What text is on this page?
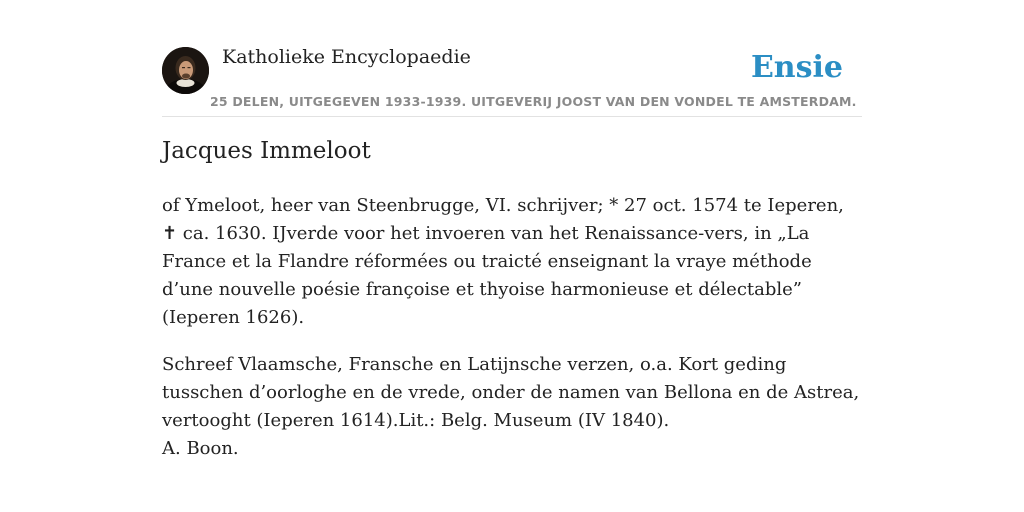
Katholieke Encyclopaedie
25 DELEN, UITGEGEVEN 1933-1939. UITGEVERIJ JOOST VAN DEN VONDEL TE AMSTERDAM.
Ensie
Jacques Immeloot

of Ymeloot, heer van Steenbrugge, VI. schrijver; * 27 oct. 1574 te Ieperen, ✝ ca. 1630. IJverde voor het invoeren van het Renaissance-vers, in „La France et la Flandre réformées ou traicté enseignant la vraye méthode d’une nouvelle poésie françoise et thyoise harmonieuse et délectable” (Ieperen 1626).

Schreef Vlaamsche, Fransche en Latijnsche verzen, o.a. Kort geding tusschen d’oorloghe en de vrede, onder de namen van Bellona en de Astrea, vertooght (Ieperen 1614).Lit.: Belg. Museum (IV 1840).

A. Boon.
